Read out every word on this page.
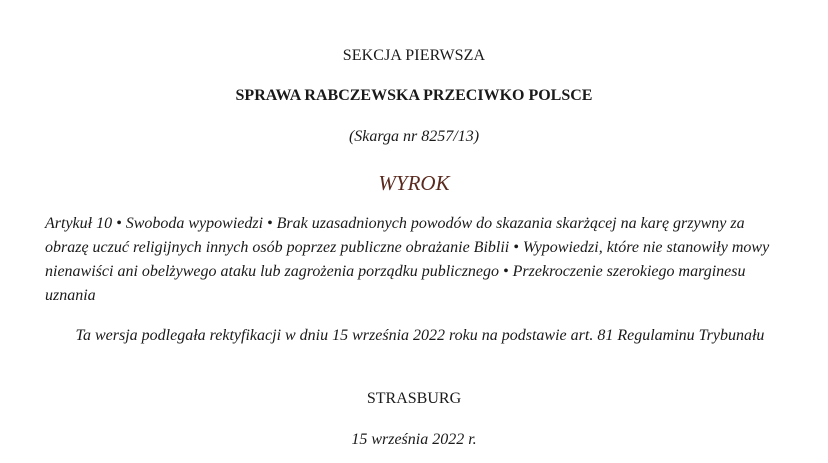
SEKCJA PIERWSZA
SPRAWA RABCZEWSKA PRZECIWKO POLSCE
(Skarga nr 8257/13)
WYROK
Artykuł 10 • Swoboda wypowiedzi • Brak uzasadnionych powodów do skazania skarżącej na karę grzywny za obrazę uczuć religijnych innych osób poprzez publiczne obrażanie Biblii • Wypowiedzi, które nie stanowiły mowy nienawiści ani obelżywego ataku lub zagrożenia porządku publicznego • Przekroczenie szerokiego marginesu uznania
Ta wersja podlegała rektyfikacji w dniu 15 września 2022 roku na podstawie art. 81 Regulaminu Trybunału
STRASBURG
15 września 2022 r.
